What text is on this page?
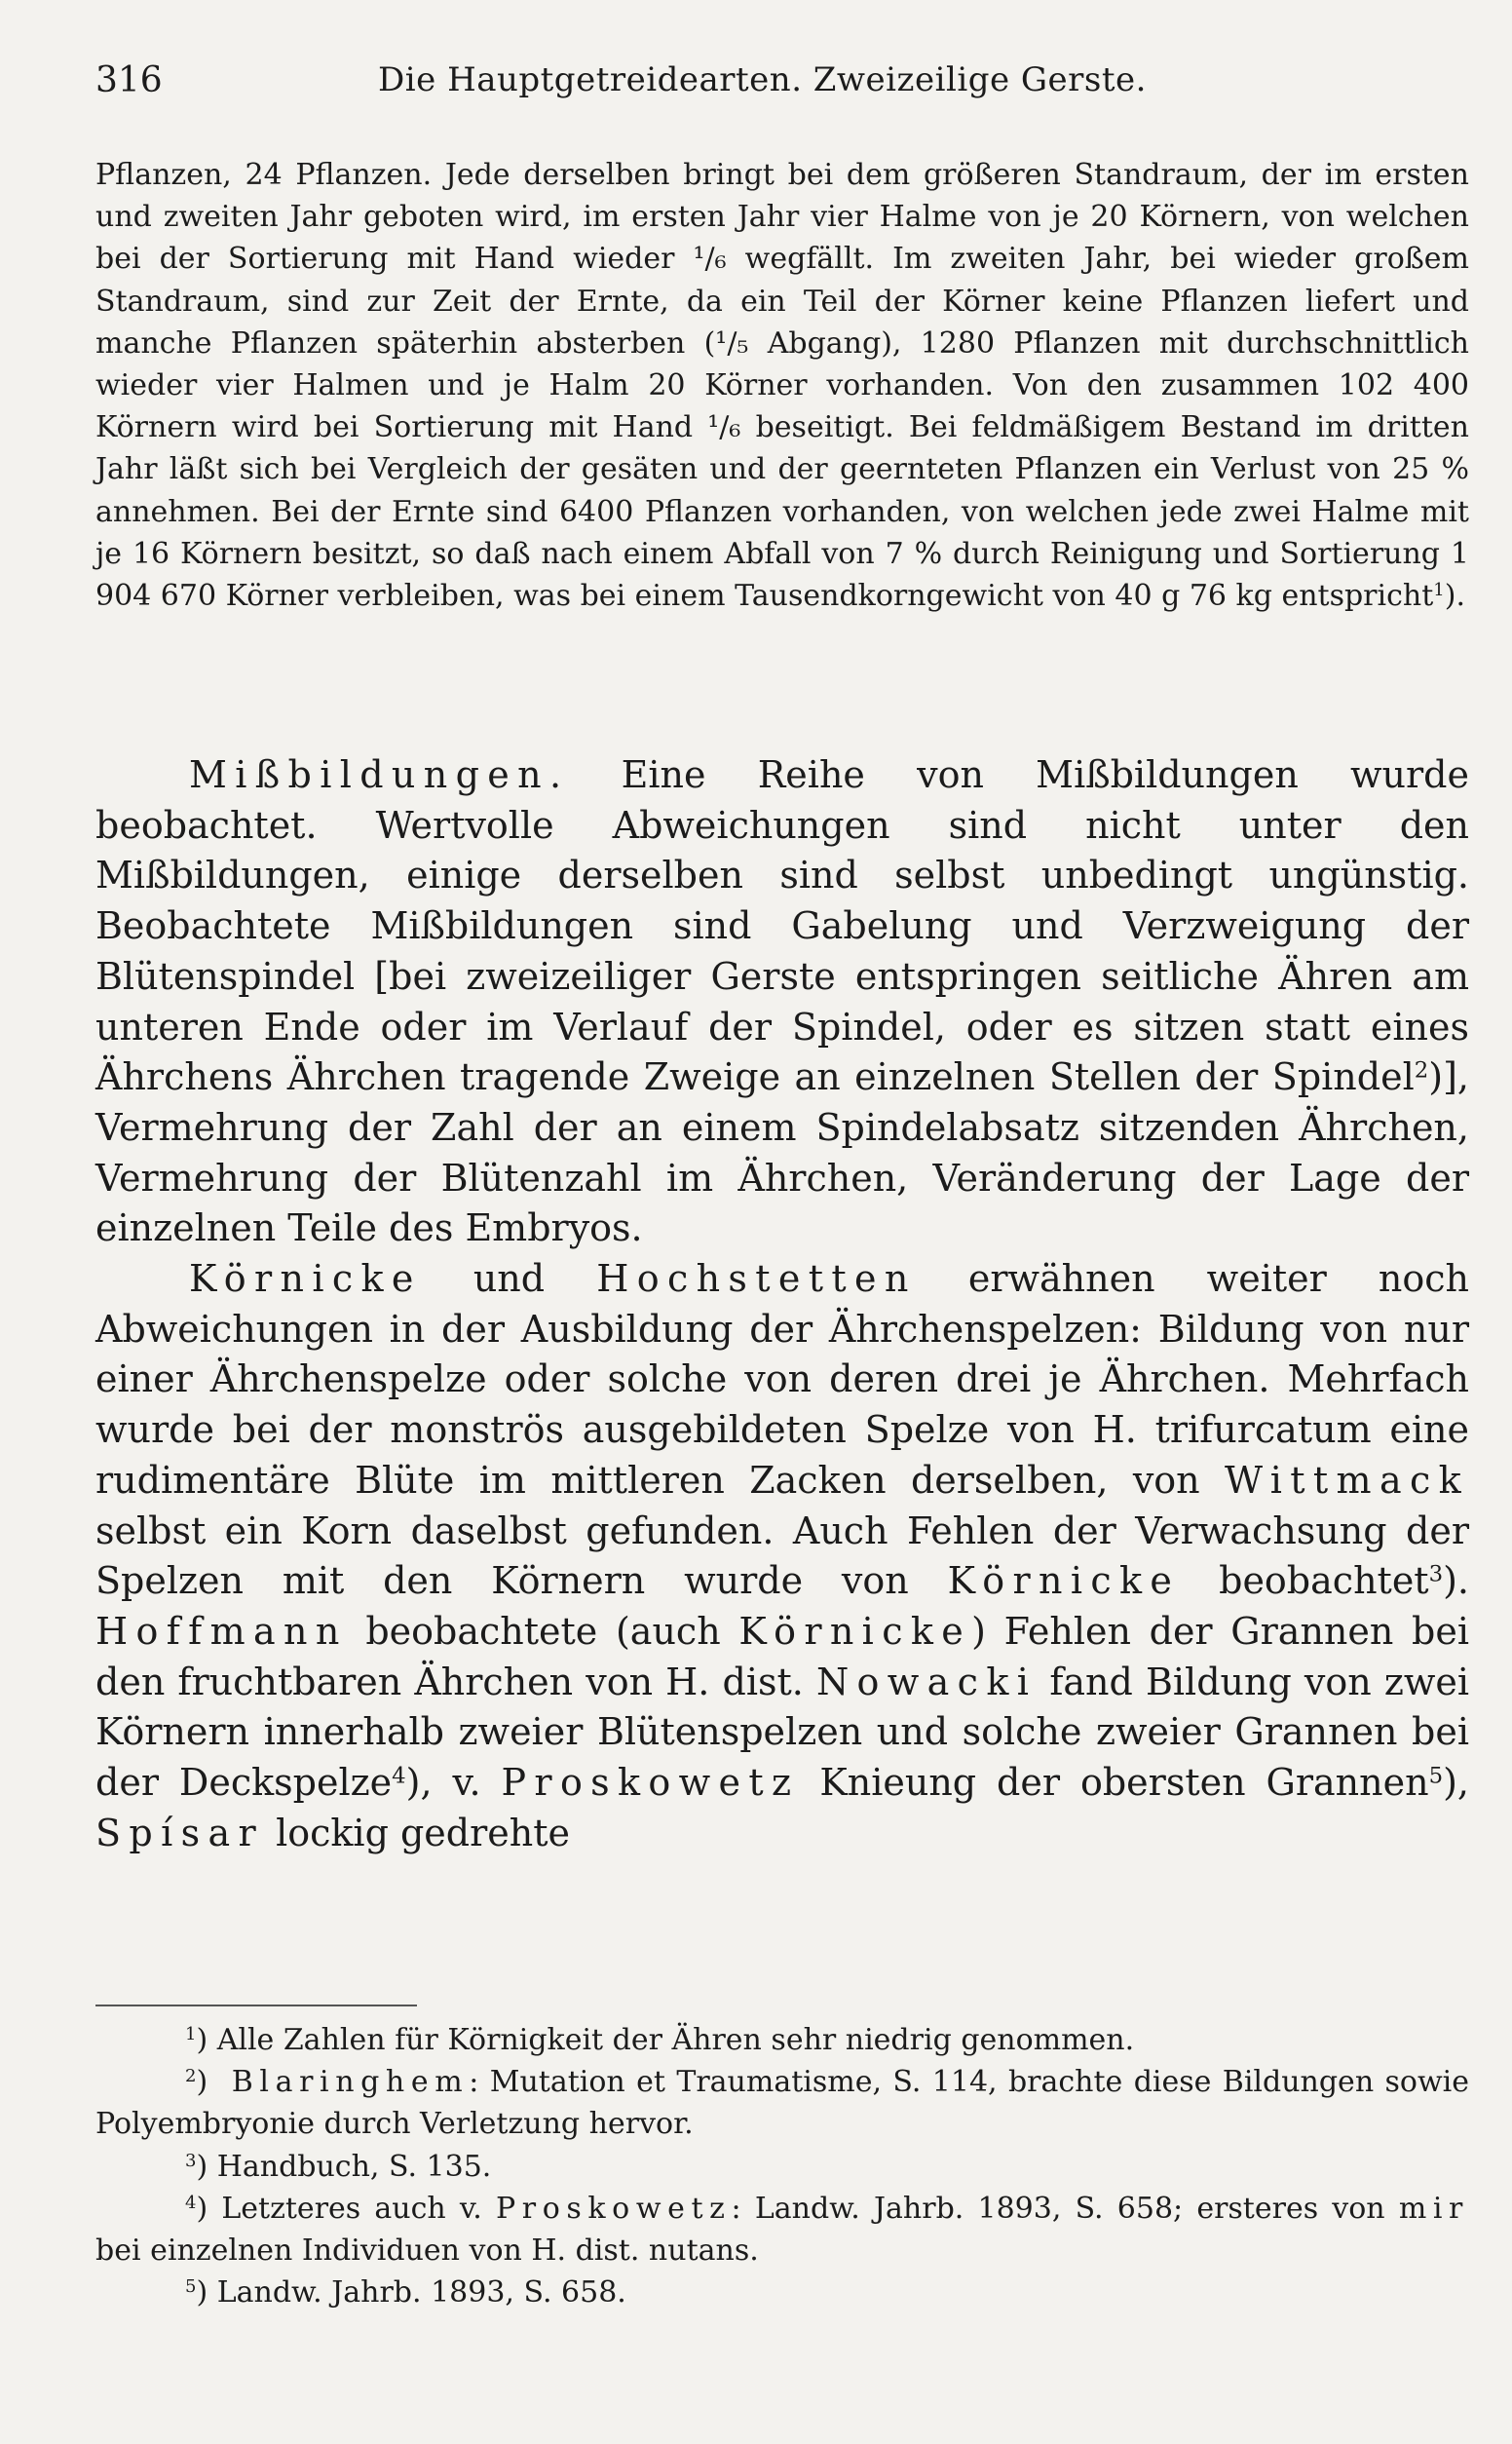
316	Die Hauptgetreidearten. Zweizeilige Gerste.

Pflanzen, 24 Pflanzen. Jede derselben bringt bei dem größeren Standraum, der im ersten und zweiten Jahr geboten wird, im ersten Jahr vier Halme von je 20 Körnern, von welchen bei der Sortierung mit Hand wieder ¹/₆ wegfällt. Im zweiten Jahr, bei wieder großem Standraum, sind zur Zeit der Ernte, da ein Teil der Körner keine Pflanzen liefert und manche Pflanzen späterhin absterben (¹/₅ Abgang), 1280 Pflanzen mit durchschnittlich wieder vier Halmen und je Halm 20 Körner vorhanden. Von den zusammen 102 400 Körnern wird bei Sortierung mit Hand ¹/₆ beseitigt. Bei feldmäßigem Bestand im dritten Jahr läßt sich bei Vergleich der gesäten und der geernteten Pflanzen ein Verlust von 25 % annehmen. Bei der Ernte sind 6400 Pflanzen vorhanden, von welchen jede zwei Halme mit je 16 Körnern besitzt, so daß nach einem Abfall von 7 % durch Reinigung und Sortierung 1 904 670 Körner verbleiben, was bei einem Tausendkorngewicht von 40 g 76 kg entspricht$^1$).

Mißbildungen. Eine Reihe von Mißbildungen wurde beobachtet. Wertvolle Abweichungen sind nicht unter den Mißbildungen, einige derselben sind selbst unbedingt ungünstig. Beobachtete Mißbildungen sind Gabelung und Verzweigung der Blütenspindel [bei zweizeiliger Gerste entspringen seitliche Ähren am unteren Ende oder im Verlauf der Spindel, oder es sitzen statt eines Ährchens Ährchen tragende Zweige an einzelnen Stellen der Spindel$^2$)], Vermehrung der Zahl der an einem Spindelabsatz sitzenden Ährchen, Vermehrung der Blütenzahl im Ährchen, Veränderung der Lage der einzelnen Teile des Embryos.

Körnicke und Hochstetten erwähnen weiter noch Abweichungen in der Ausbildung der Ährchenspelzen: Bildung von nur einer Ährchenspelze oder solche von deren drei je Ährchen. Mehrfach wurde bei der monströs ausgebildeten Spelze von H. trifurcatum eine rudimentäre Blüte im mittleren Zacken derselben, von Wittmack selbst ein Korn daselbst gefunden. Auch Fehlen der Verwachsung der Spelzen mit den Körnern wurde von Körnicke beobachtet$^3$). Hoffmann beobachtete (auch Körnicke) Fehlen der Grannen bei den fruchtbaren Ährchen von H. dist. Nowacki fand Bildung von zwei Körnern innerhalb zweier Blütenspelzen und solche zweier Grannen bei der Deckspelze$^4$), v. Proskowetz Knieung der obersten Grannen$^5$), Spísar lockig gedrehte

$^1$) Alle Zahlen für Körnigkeit der Ähren sehr niedrig genommen.

$^2$) Blaringhem: Mutation et Traumatisme, S. 114, brachte diese Bildungen sowie Polyembryonie durch Verletzung hervor.

$^3$) Handbuch, S. 135.

$^4$) Letzteres auch v. Proskowetz: Landw. Jahrb. 1893, S. 658; ersteres von mir bei einzelnen Individuen von H. dist. nutans.

$^5$) Landw. Jahrb. 1893, S. 658.
